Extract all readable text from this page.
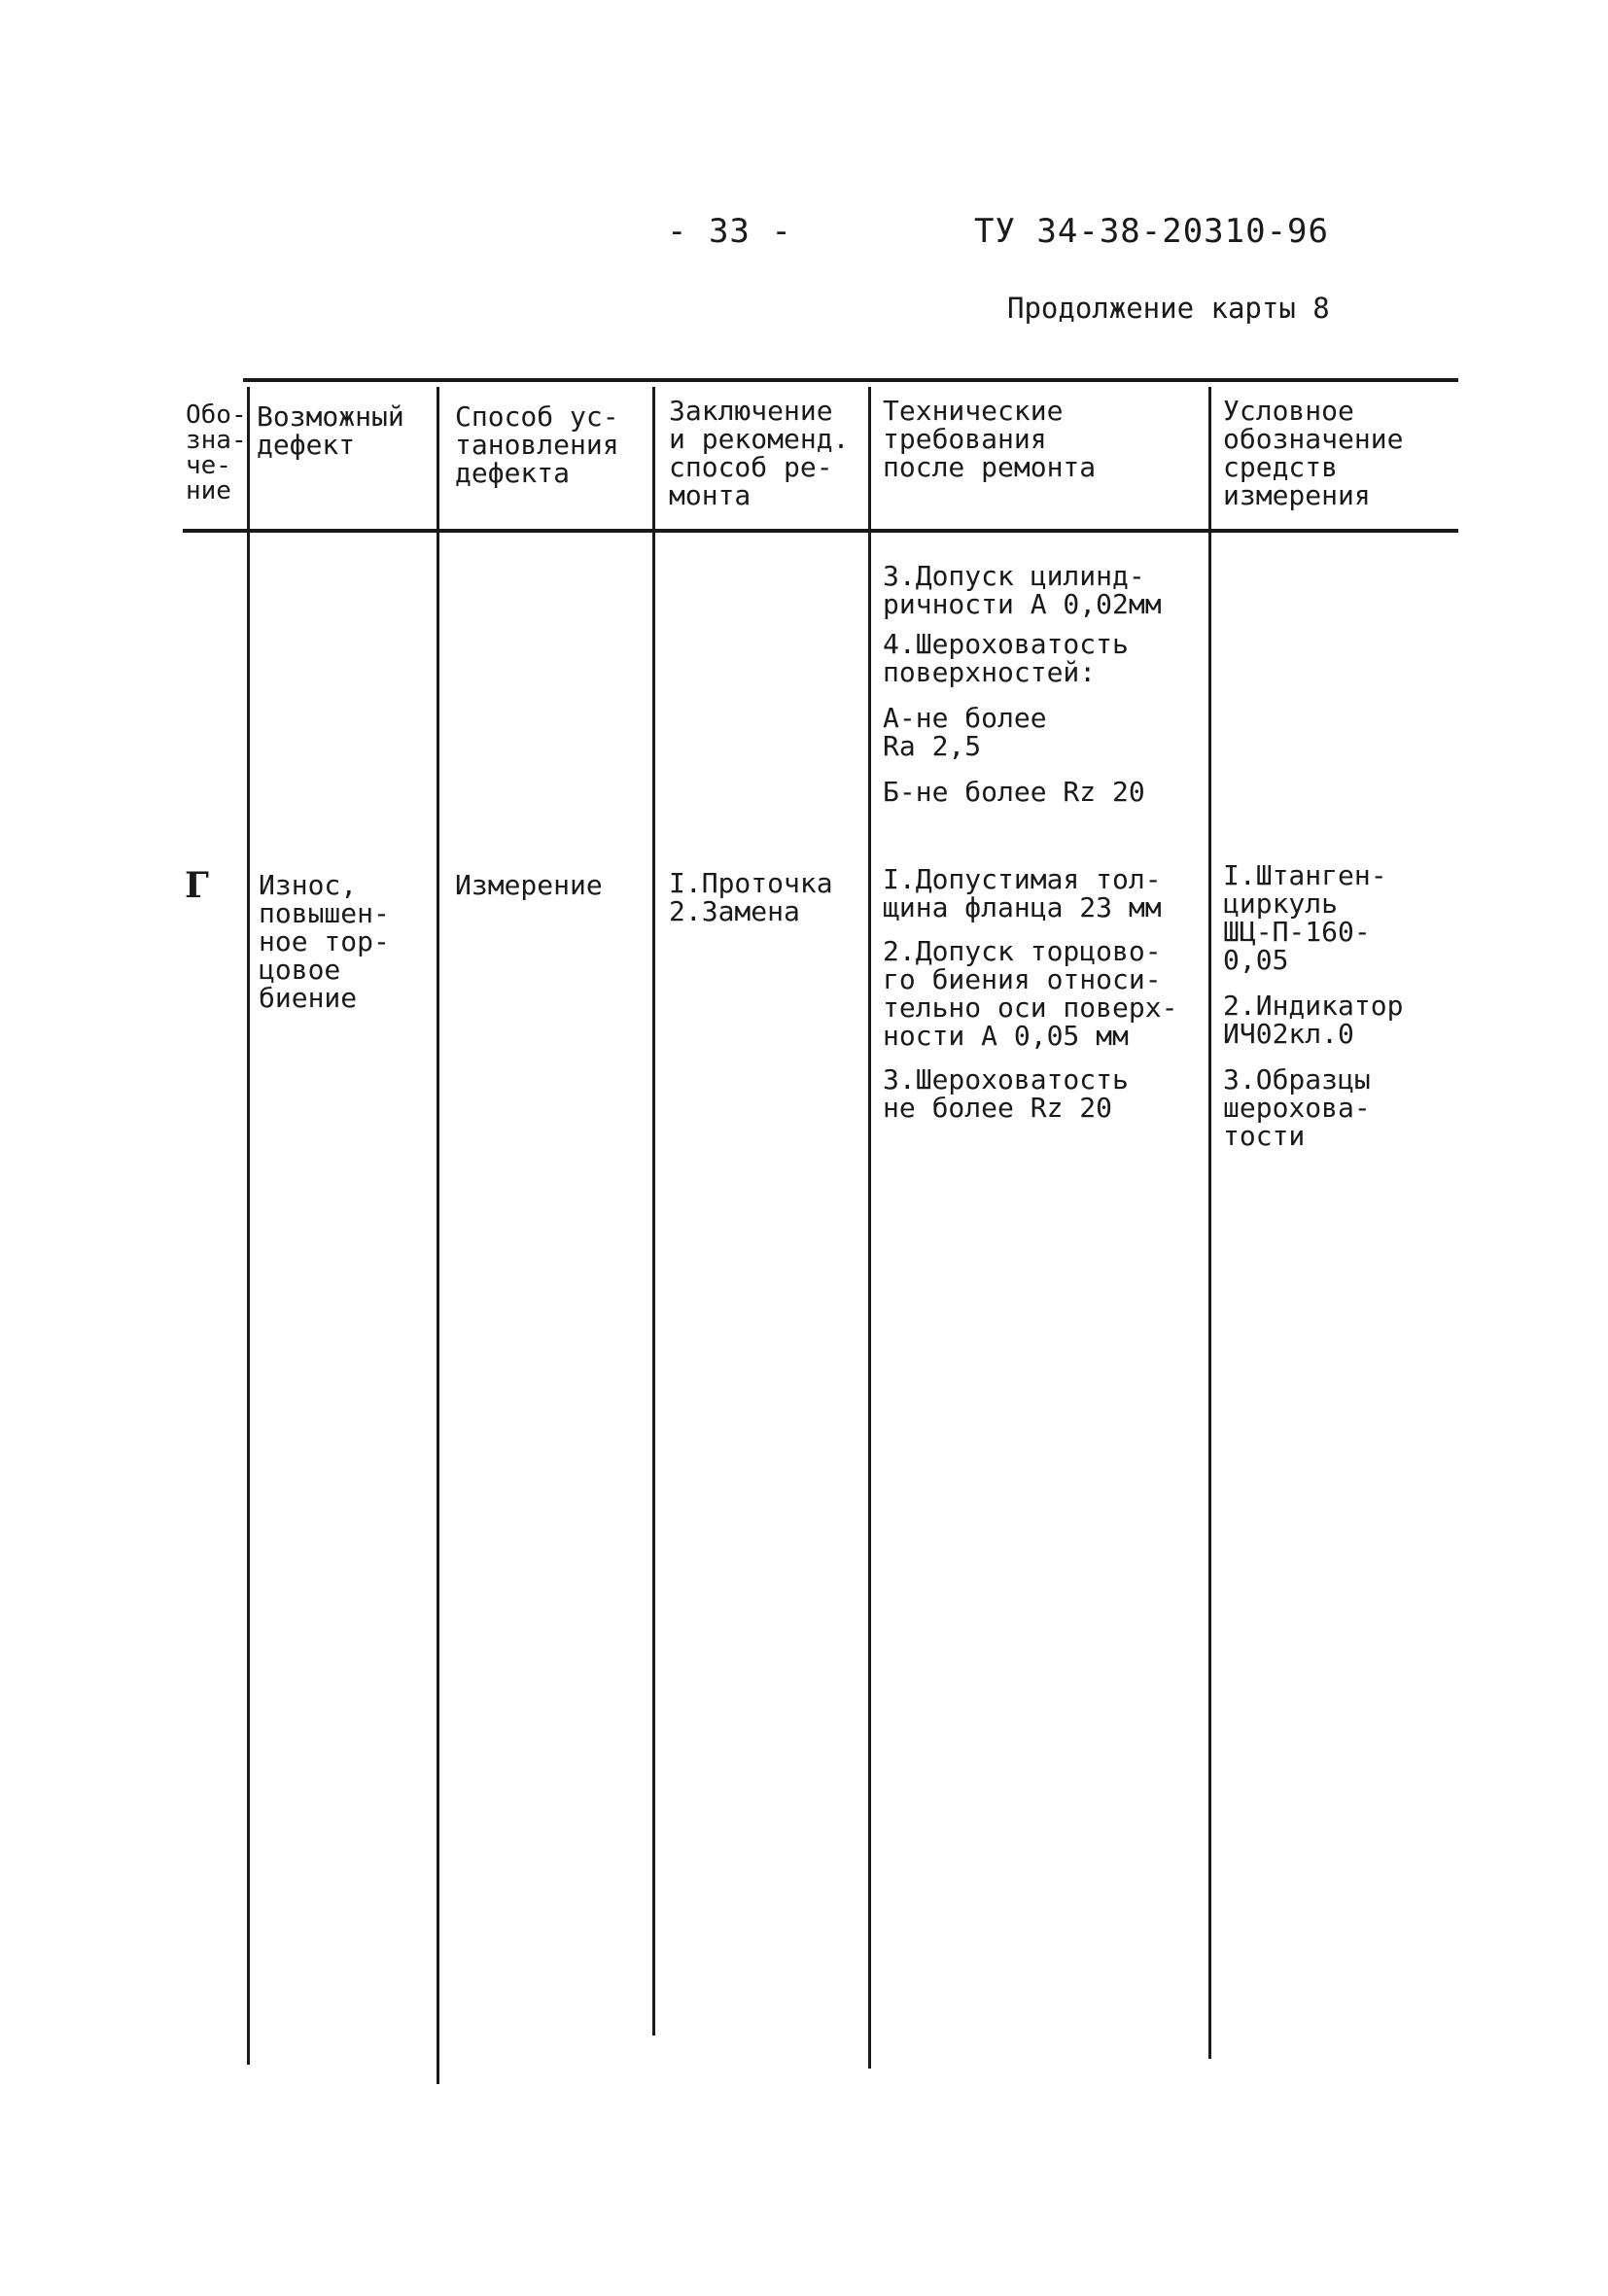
- 33 -	ТУ 34-38-20310-96
Продолжение карты 8
Обо-
зна-
че-
ние
Возможный
дефект
Способ ус-
тановления
дефекта
Заключение
и рекоменд.
способ ре-
монта
Технические
требования
после ремонта
Условное
обозначение
средств
измерения
3.Допуск цилинд-
ричности А 0,02мм
4.Шероховатость
поверхностей:
А-не более
Ra 2,5
Б-не более Rz 20
Г Износ,
повышен-
ное тор-
цовое
биение
Измерение	I.Проточка
2.Замена
I.Допустимая тол-
щина фланца 23 мм
2.Допуск торцово-
го биения относи-
тельно оси поверх-
ности А 0,05 мм
3.Шероховатость
не более Rz 20
I.Штанген-
циркуль
ШЦ-П-160-
0,05
2.Индикатор
ИЧ02кл.0
3.Образцы
шероховa-
тости
